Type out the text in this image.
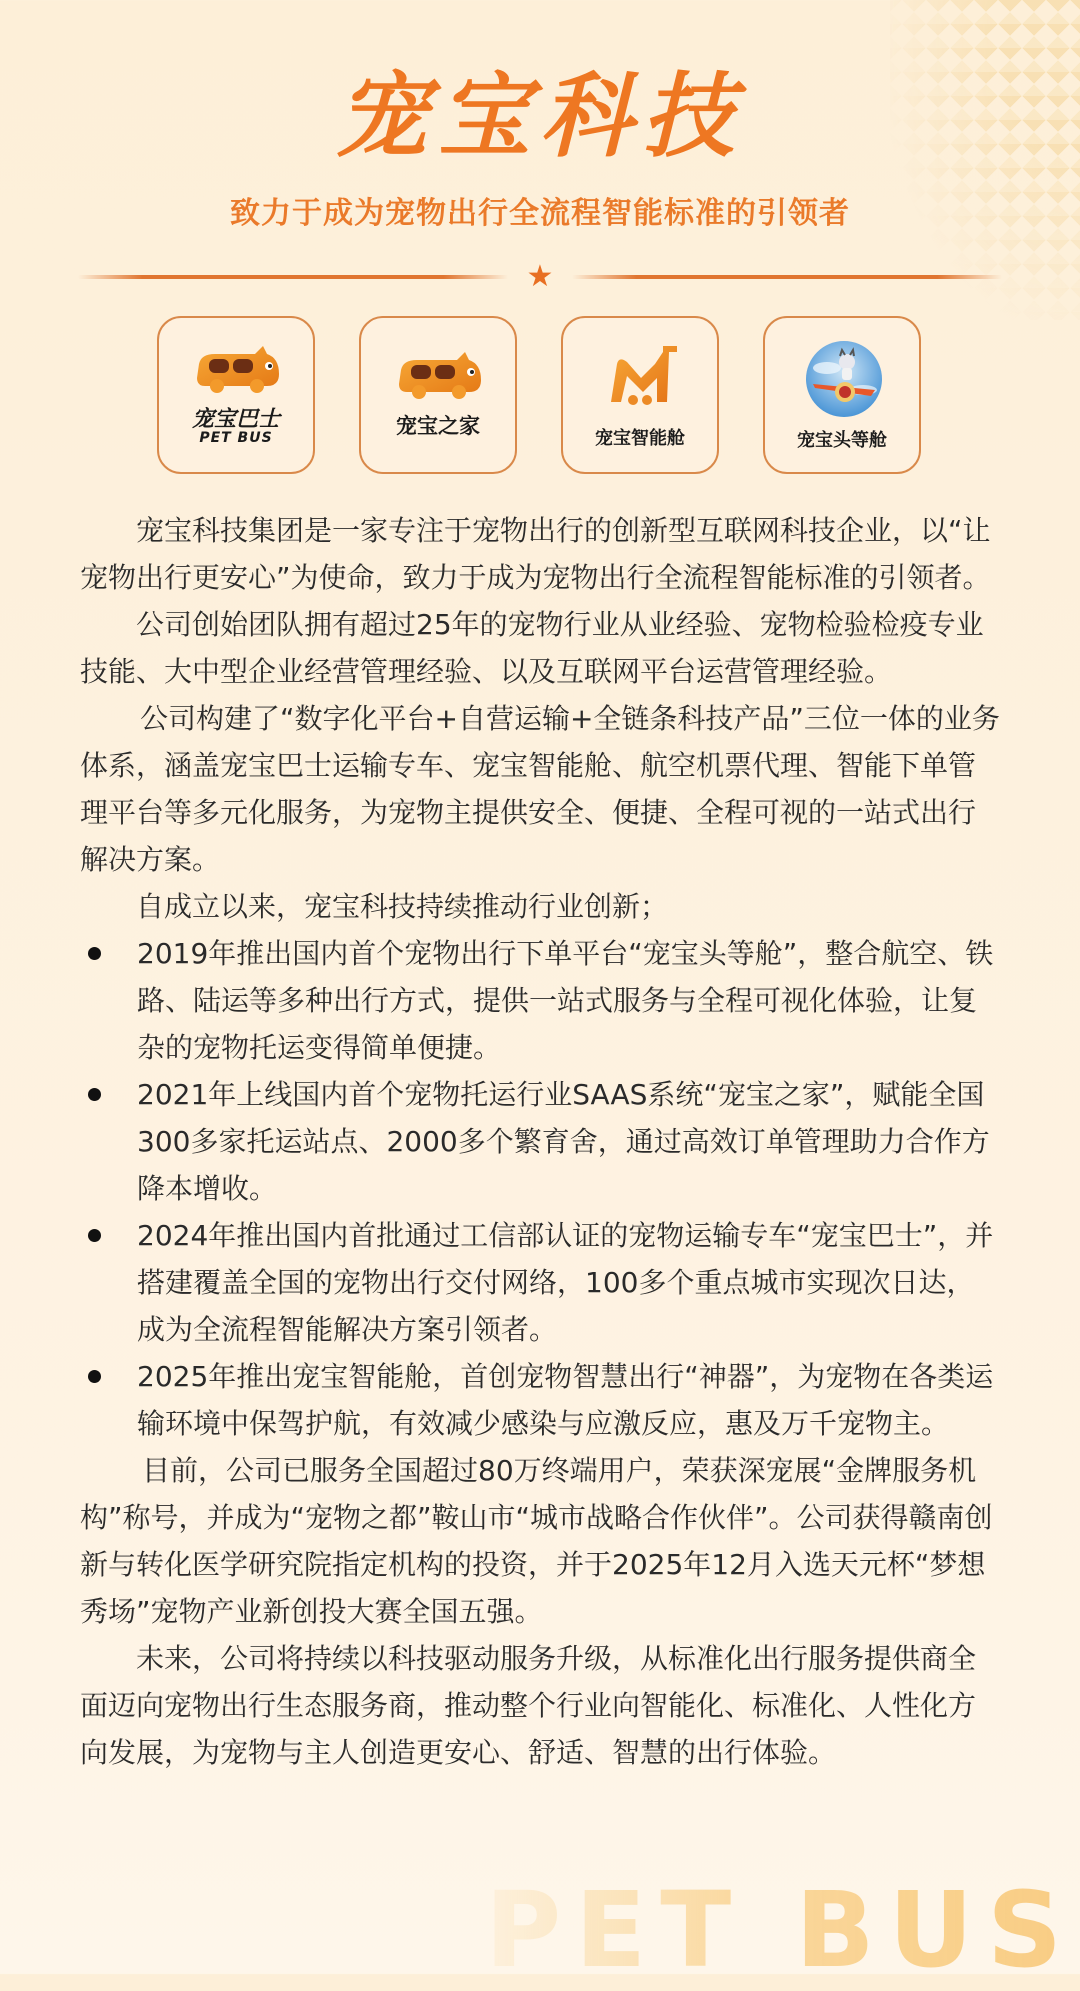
宠宝科技
致力于成为宠物出行全流程智能标准的引领者
★
宠宝巴士
PET BUS	宠宝之家
宠宝智能舱	宠宝头等舱

宠宝科技集团是一家专注于宠物出行的创新型互联网科技企业，以“让宠物出行更安心”为使命，致力于成为宠物出行全流程智能标准的引领者。

公司创始团队拥有超过25年的宠物行业从业经验、宠物检验检疫专业技能、大中型企业经营管理经验、以及互联网平台运营管理经验。

公司构建了“数字化平台+自营运输+全链条科技产品”三位一体的业务体系，涵盖宠宝巴士运输专车、宠宝智能舱、航空机票代理、智能下单管理平台等多元化服务，为宠物主提供安全、便捷、全程可视的一站式出行解决方案。

自成立以来，宠宝科技持续推动行业创新；

2019年推出国内首个宠物出行下单平台“宠宝头等舱”，整合航空、铁路、陆运等多种出行方式，提供一站式服务与全程可视化体验，让复杂的宠物托运变得简单便捷。
2021年上线国内首个宠物托运行业SAAS系统“宠宝之家”，赋能全国300多家托运站点、2000多个繁育舍，通过高效订单管理助力合作方降本增收。
2024年推出国内首批通过工信部认证的宠物运输专车“宠宝巴士”，并搭建覆盖全国的宠物出行交付网络，100多个重点城市实现次日达，成为全流程智能解决方案引领者。
2025年推出宠宝智能舱，首创宠物智慧出行“神器”，为宠物在各类运输环境中保驾护航，有效减少感染与应激反应，惠及万千宠物主。

目前，公司已服务全国超过80万终端用户，荣获深宠展“金牌服务机构”称号，并成为“宠物之都”鞍山市“城市战略合作伙伴”。公司获得赣南创新与转化医学研究院指定机构的投资，并于2025年12月入选天元杯“梦想秀场”宠物产业新创投大赛全国五强。

未来，公司将持续以科技驱动服务升级，从标准化出行服务提供商全面迈向宠物出行生态服务商，推动整个行业向智能化、标准化、人性化方向发展，为宠物与主人创造更安心、舒适、智慧的出行体验。

PET BUS
